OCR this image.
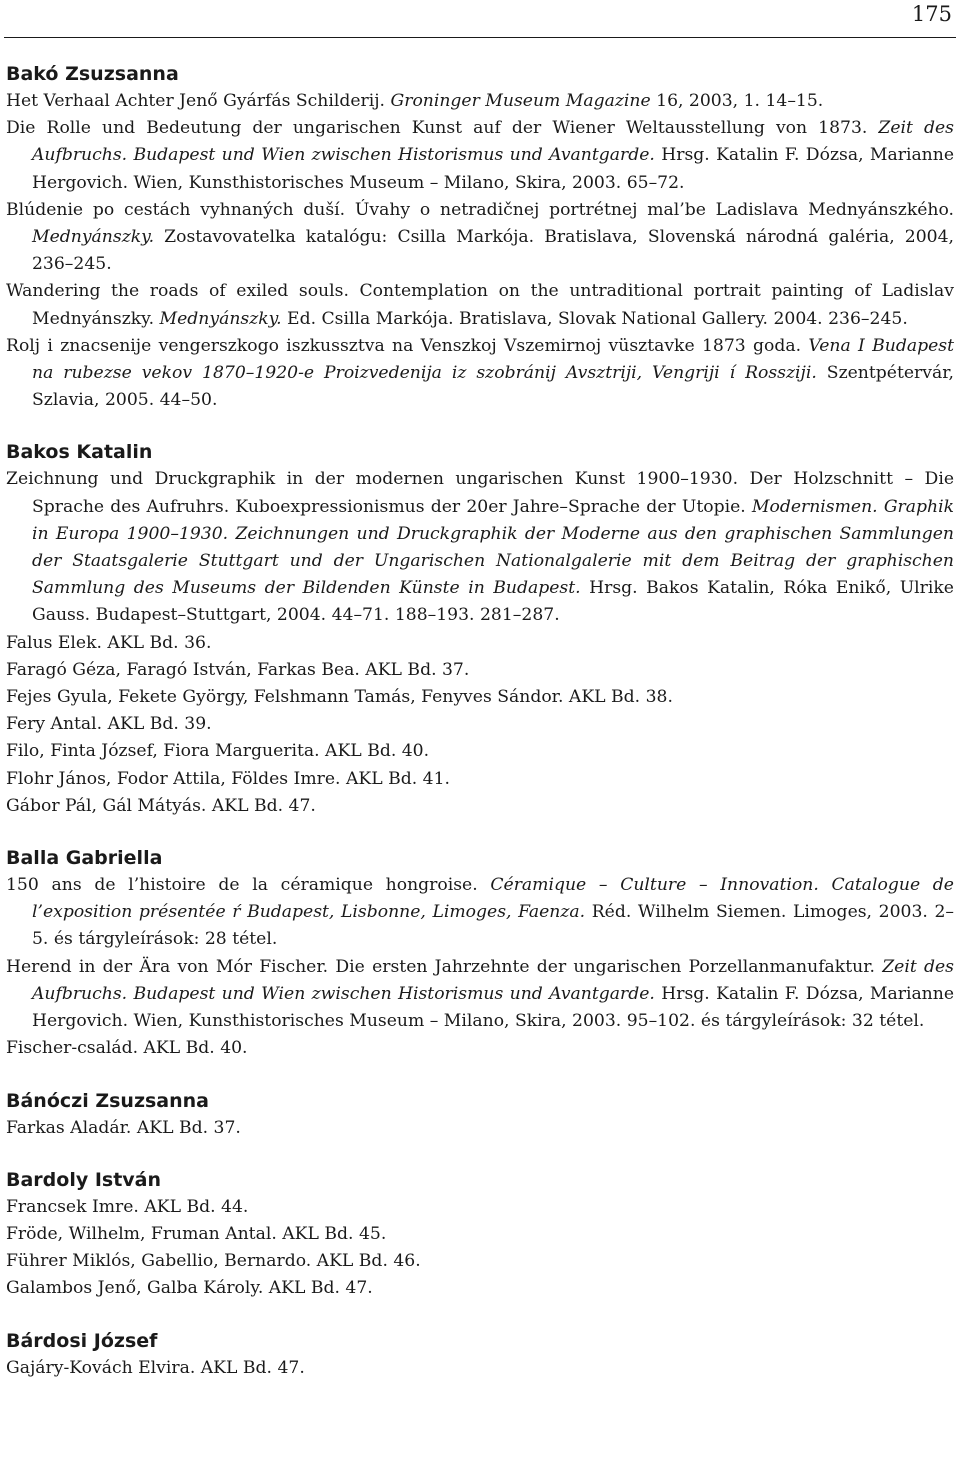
175
Bakó Zsuzsanna
Het Verhaal Achter Jenő Gyárfás Schilderij. Groninger Museum Magazine 16, 2003, 1. 14–15.
Die Rolle und Bedeutung der ungarischen Kunst auf der Wiener Weltausstellung von 1873. Zeit des Aufbruchs. Budapest und Wien zwischen Historismus und Avantgarde. Hrsg. Katalin F. Dózsa, Marianne Hergovich. Wien, Kunsthistorisches Museum – Milano, Skira, 2003. 65–72.
Blúdenie po cestách vyhnaných duší. Úvahy o netradičnej portrétnej mal’be Ladislava Mednyánszkého. Mednyánszky. Zostavovatelka katalógu: Csilla Markója. Bratislava, Slovenská národná galéria, 2004, 236–245.
Wandering the roads of exiled souls. Contemplation on the untraditional portrait painting of Ladislav Mednyánszky. Mednyánszky. Ed. Csilla Markója. Bratislava, Slovak National Gallery. 2004. 236–245.
Rolj i znacsenije vengerszkogo iszkussztva na Venszkoj Vszemirnoj vüsztavke 1873 goda. Vena I Budapest na rubezse vekov 1870–1920-e Proizvedenija iz szobránij Avsztriji, Vengriji í Rossziji. Szentpétervár, Szlavia, 2005. 44–50.
Bakos Katalin
Zeichnung und Druckgraphik in der modernen ungarischen Kunst 1900–1930. Der Holzschnitt – Die Sprache des Aufruhrs. Kuboexpressionismus der 20er Jahre–Sprache der Utopie. Modernismen. Graphik in Europa 1900–1930. Zeichnungen und Druckgraphik der Moderne aus den graphischen Sammlungen der Staatsgalerie Stuttgart und der Ungarischen Nationalgalerie mit dem Beitrag der graphischen Sammlung des Museums der Bildenden Künste in Budapest. Hrsg. Bakos Katalin, Róka Enikő, Ulrike Gauss. Budapest–Stuttgart, 2004. 44–71. 188–193. 281–287.
Falus Elek. AKL Bd. 36.
Faragó Géza, Faragó István, Farkas Bea. AKL Bd. 37.
Fejes Gyula, Fekete György, Felshmann Tamás, Fenyves Sándor. AKL Bd. 38.
Fery Antal. AKL Bd. 39.
Filo, Finta József, Fiora Marguerita. AKL Bd. 40.
Flohr János, Fodor Attila, Földes Imre. AKL Bd. 41.
Gábor Pál, Gál Mátyás. AKL Bd. 47.
Balla Gabriella
150 ans de l’histoire de la céramique hongroise. Céramique – Culture – Innovation. Catalogue de l’exposition présentée ŕ Budapest, Lisbonne, Limoges, Faenza. Réd. Wilhelm Siemen. Limoges, 2003. 2–5. és tárgyleírások: 28 tétel.
Herend in der Ära von Mór Fischer. Die ersten Jahrzehnte der ungarischen Porzellanmanufaktur. Zeit des Aufbruchs. Budapest und Wien zwischen Historismus und Avantgarde. Hrsg. Katalin F. Dózsa, Marianne Hergovich. Wien, Kunsthistorisches Museum – Milano, Skira, 2003. 95–102. és tárgyleírások: 32 tétel.
Fischer-család. AKL Bd. 40.
Bánóczi Zsuzsanna
Farkas Aladár. AKL Bd. 37.
Bardoly István
Francsek Imre. AKL Bd. 44.
Fröde, Wilhelm, Fruman Antal. AKL Bd. 45.
Führer Miklós, Gabellio, Bernardo. AKL Bd. 46.
Galambos Jenő, Galba Károly. AKL Bd. 47.
Bárdosi József
Gajáry-Kovách Elvira. AKL Bd. 47.
